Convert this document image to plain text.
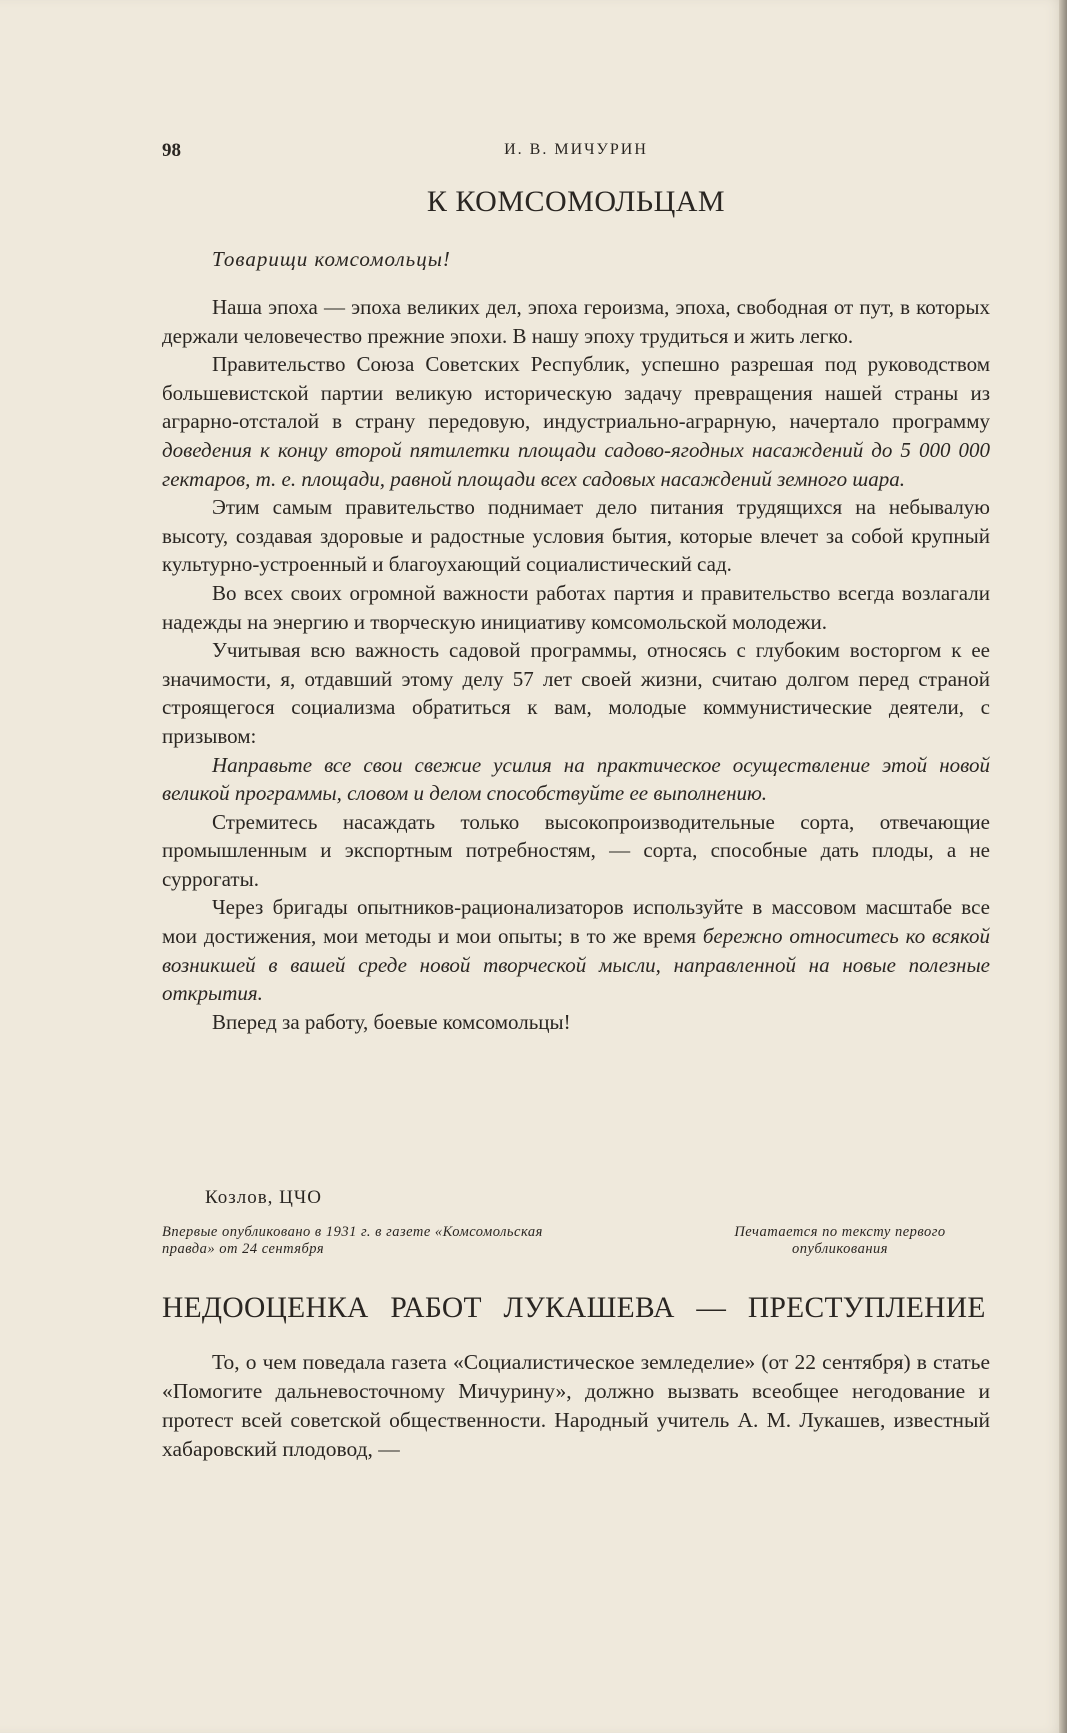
98	И. В. МИЧУРИН
К КОМСОМОЛЬЦАМ
Товарищи комсомольцы!

Наша эпоха — эпоха великих дел, эпоха героизма, эпоха, свободная от пут, в которых держали человечество прежние эпохи. В нашу эпоху трудиться и жить легко.

Правительство Союза Советских Республик, успешно разрешая под руководством большевистской партии великую историческую задачу превращения нашей страны из аграрно-отсталой в страну передовую, индустриально-аграрную, начертало программу доведения к концу второй пятилетки площади садово-ягодных насаждений до 5 000 000 гектаров, т. е. площади, равной площади всех садовых насаждений земного шара.

Этим самым правительство поднимает дело питания трудящихся на небывалую высоту, создавая здоровые и радостные условия бытия, которые влечет за собой крупный культурно-устроенный и благоухающий социалистический сад.

Во всех своих огромной важности работах партия и правительство всегда возлагали надежды на энергию и творческую инициативу комсомольской молодежи.

Учитывая всю важность садовой программы, относясь с глубоким восторгом к ее значимости, я, отдавший этому делу 57 лет своей жизни, считаю долгом перед страной строящегося социализма обратиться к вам, молодые коммунистические деятели, с призывом:

Направьте все свои свежие усилия на практическое осуществление этой новой великой программы, словом и делом способствуйте ее выполнению.

Стремитесь насаждать только высокопроизводительные сорта, отвечающие промышленным и экспортным потребностям, — сорта, способные дать плоды, а не суррогаты.

Через бригады опытников-рационализаторов используйте в массовом масштабе все мои достижения, мои методы и мои опыты; в то же время бережно относитесь ко всякой возникшей в вашей среде новой творческой мысли, направленной на новые полезные открытия.

Вперед за работу, боевые комсомольцы!

Козлов, ЦЧО
Впервые опубликовано в 1931 г. в газете «Комсомольская правда» от 24 сентября
Печатается по тексту первого опубликования
НЕДООЦЕНКА РАБОТ ЛУКАШЕВА — ПРЕСТУПЛЕНИЕ

То, о чем поведала газета «Социалистическое земледелие» (от 22 сентября) в статье «Помогите дальневосточному Мичурину», должно вызвать всеобщее негодование и протест всей советской общественности. Народный учитель А. М. Лукашев, известный хабаровский плодовод, —
